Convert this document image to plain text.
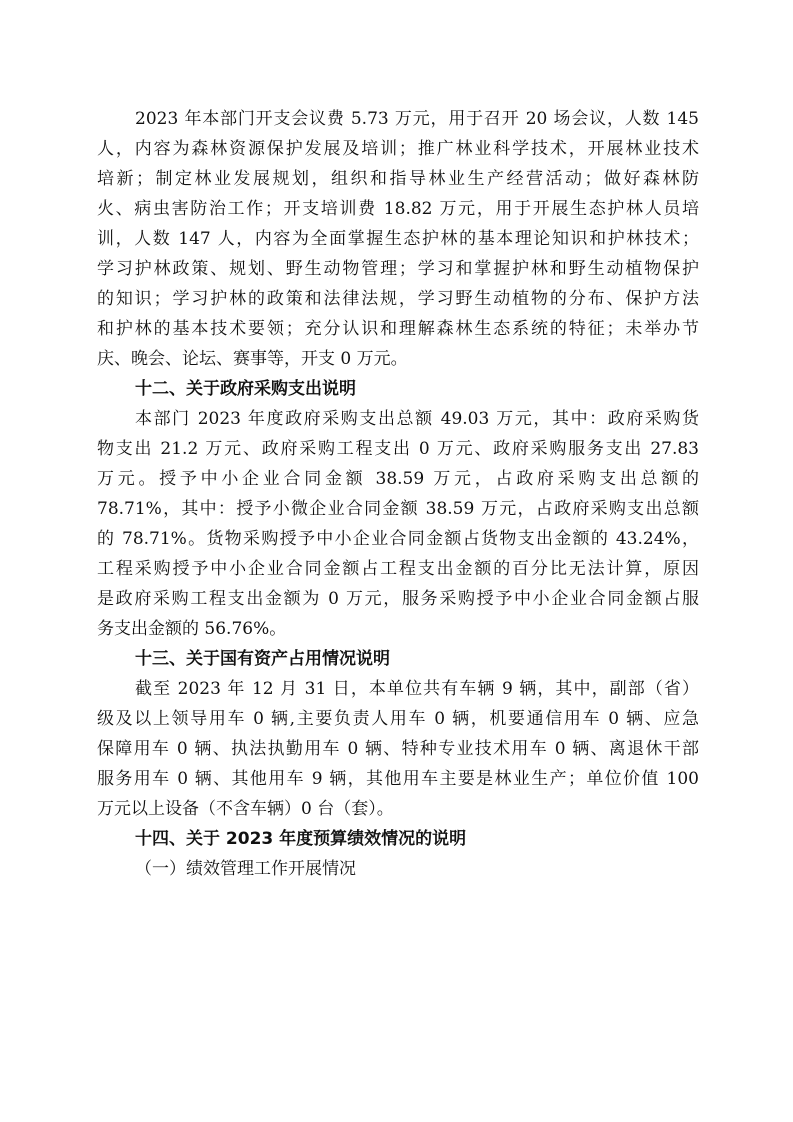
2023 年本部门开支会议费 5.73 万元，用于召开 20 场会议，人数 145
人，内容为森林资源保护发展及培训；推广林业科学技术，开展林业技术
培新；制定林业发展规划，组织和指导林业生产经营活动；做好森林防
火、病虫害防治工作；开支培训费 18.82 万元，用于开展生态护林人员培
训，人数 147 人，内容为全面掌握生态护林的基本理论知识和护林技术；
学习护林政策、规划、野生动物管理；学习和掌握护林和野生动植物保护
的知识；学习护林的政策和法律法规，学习野生动植物的分布、保护方法
和护林的基本技术要领；充分认识和理解森林生态系统的特征；未举办节
庆、晚会、论坛、赛事等，开支 0 万元。
十二、关于政府采购支出说明
本部门 2023 年度政府采购支出总额 49.03 万元，其中：政府采购货
物支出 21.2 万元、政府采购工程支出 0 万元、政府采购服务支出 27.83
万元。授予中小企业合同金额 38.59 万元，占政府采购支出总额的
78.71%，其中：授予小微企业合同金额 38.59 万元，占政府采购支出总额
的 78.71%。货物采购授予中小企业合同金额占货物支出金额的 43.24%，
工程采购授予中小企业合同金额占工程支出金额的百分比无法计算，原因
是政府采购工程支出金额为 0 万元，服务采购授予中小企业合同金额占服
务支出金额的 56.76%。
十三、关于国有资产占用情况说明
截至 2023 年 12 月 31 日，本单位共有车辆 9 辆，其中，副部（省）
级及以上领导用车 0 辆,主要负责人用车 0 辆，机要通信用车 0 辆、应急
保障用车 0 辆、执法执勤用车 0 辆、特种专业技术用车 0 辆、离退休干部
服务用车 0 辆、其他用车 9 辆，其他用车主要是林业生产；单位价值 100
万元以上设备（不含车辆）0 台（套）。
十四、关于 2023 年度预算绩效情况的说明
（一）绩效管理工作开展情况
